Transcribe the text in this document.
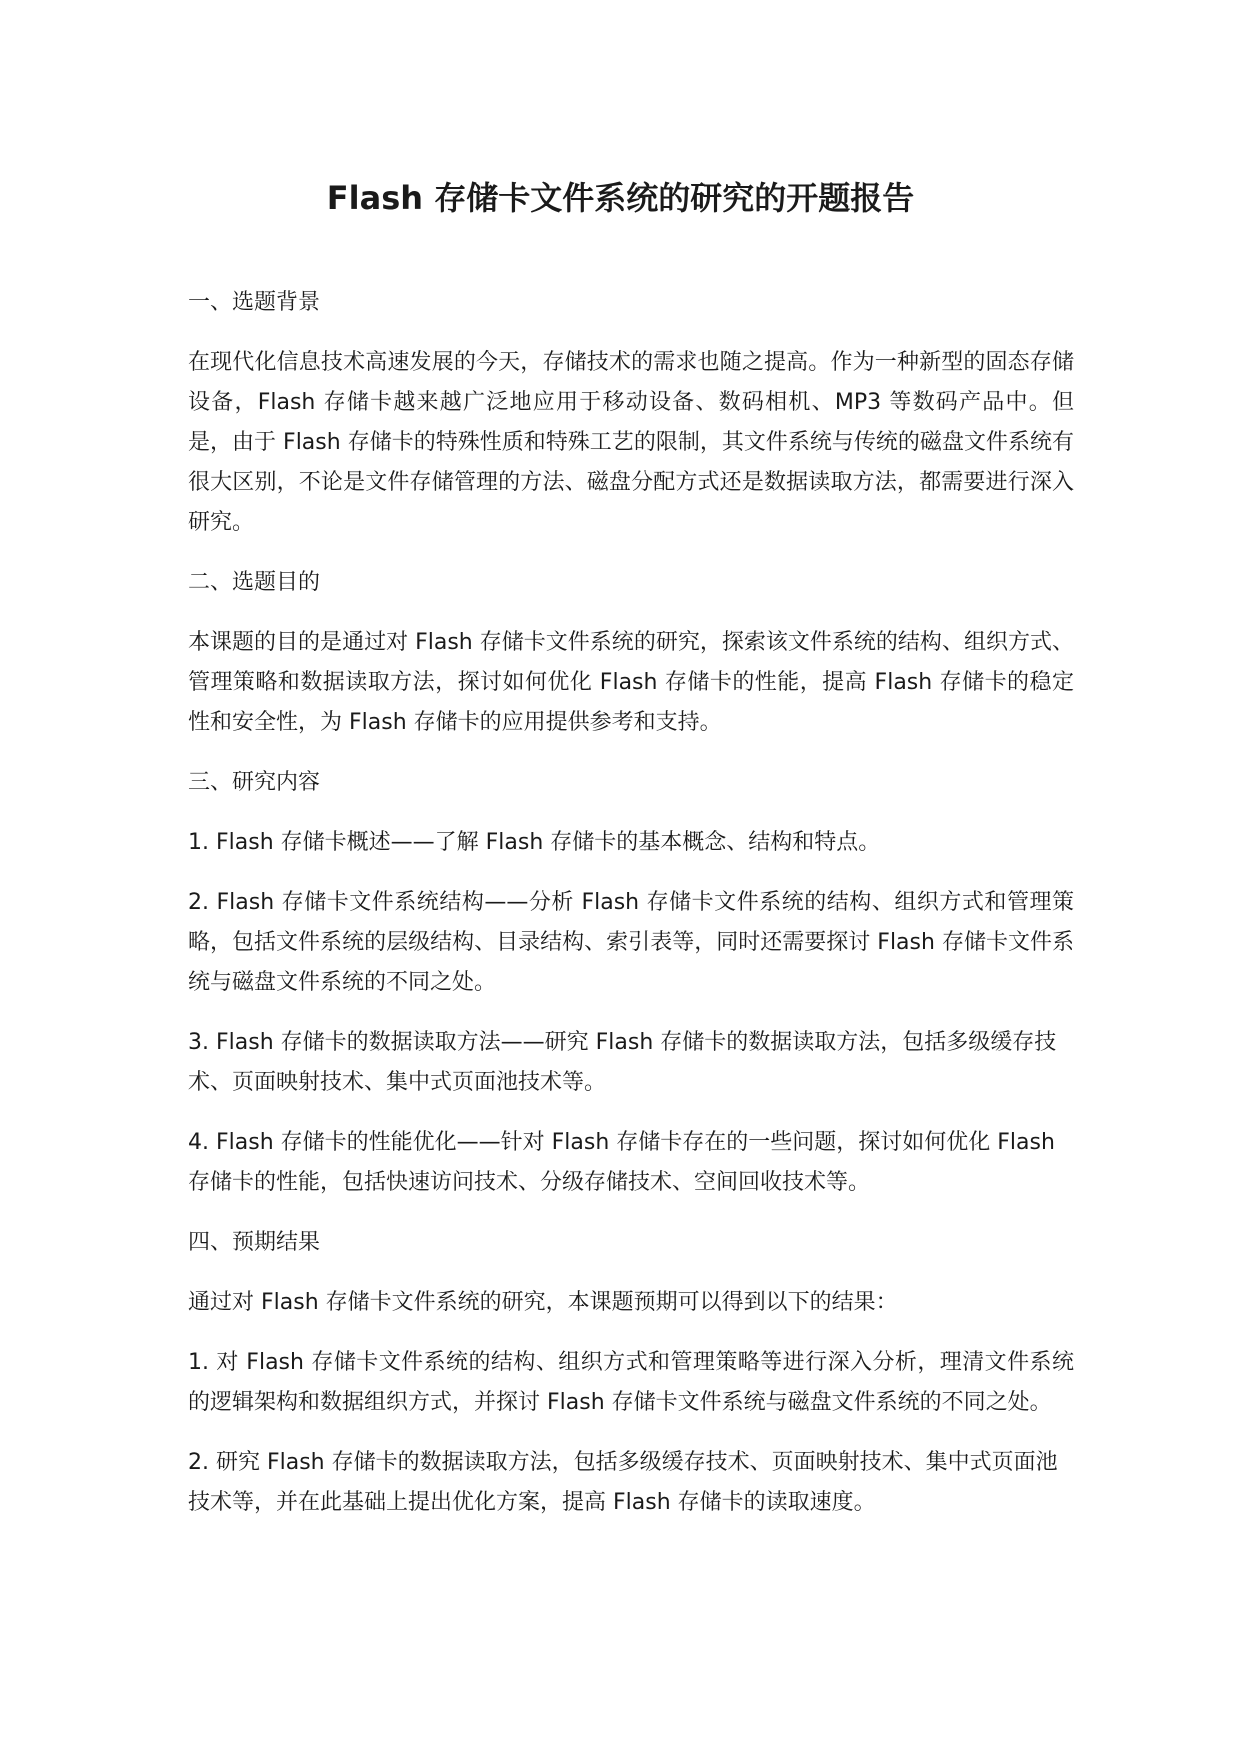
Flash 存储卡文件系统的研究的开题报告

一、选题背景

在现代化信息技术高速发展的今天，存储技术的需求也随之提高。作为一种新型的固态存储设备，Flash 存储卡越来越广泛地应用于移动设备、数码相机、MP3 等数码产品中。但是，由于 Flash 存储卡的特殊性质和特殊工艺的限制，其文件系统与传统的磁盘文件系统有很大区别，不论是文件存储管理的方法、磁盘分配方式还是数据读取方法，都需要进行深入研究。

二、选题目的

本课题的目的是通过对 Flash 存储卡文件系统的研究，探索该文件系统的结构、组织方式、管理策略和数据读取方法，探讨如何优化 Flash 存储卡的性能，提高 Flash 存储卡的稳定性和安全性，为 Flash 存储卡的应用提供参考和支持。

三、研究内容

1. Flash 存储卡概述——了解 Flash 存储卡的基本概念、结构和特点。

2. Flash 存储卡文件系统结构——分析 Flash 存储卡文件系统的结构、组织方式和管理策略，包括文件系统的层级结构、目录结构、索引表等，同时还需要探讨 Flash 存储卡文件系统与磁盘文件系统的不同之处。

3. Flash 存储卡的数据读取方法——研究 Flash 存储卡的数据读取方法，包括多级缓存技术、页面映射技术、集中式页面池技术等。

4. Flash 存储卡的性能优化——针对 Flash 存储卡存在的一些问题，探讨如何优化 Flash 存储卡的性能，包括快速访问技术、分级存储技术、空间回收技术等。

四、预期结果

通过对 Flash 存储卡文件系统的研究，本课题预期可以得到以下的结果：

1. 对 Flash 存储卡文件系统的结构、组织方式和管理策略等进行深入分析，理清文件系统的逻辑架构和数据组织方式，并探讨 Flash 存储卡文件系统与磁盘文件系统的不同之处。

2. 研究 Flash 存储卡的数据读取方法，包括多级缓存技术、页面映射技术、集中式页面池技术等，并在此基础上提出优化方案，提高 Flash 存储卡的读取速度。
